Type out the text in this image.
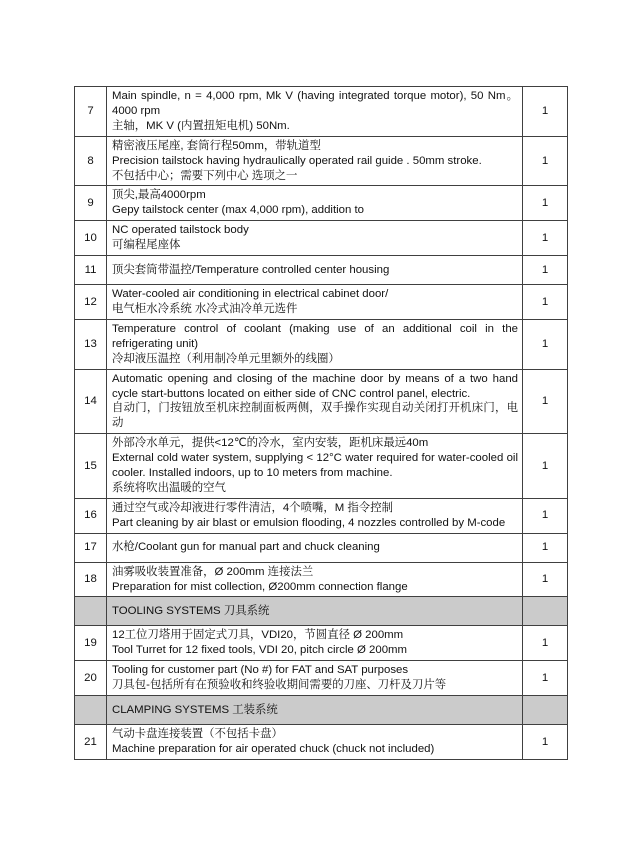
7	Main spindle, n = 4,000 rpm, Mk V (having integrated torque motor), 50 Nm。4000 rpm

主轴，MK V (内置扭矩电机) 50Nm.	1
8	精密液压尾座, 套筒行程50mm，带轨道型

Precision tailstock having hydraulically operated rail guide . 50mm stroke.

不包括中心；需要下列中心 选项之一	1
9	顶尖,最高4000rpm

Gepy tailstock center (max 4,000 rpm), addition to	1
10	NC operated tailstock body

可编程尾座体	1
11	顶尖套筒带温控/Temperature controlled center housing	1
12	Water-cooled air conditioning in electrical cabinet door/

电气柜水冷系统 水冷式油冷单元选件	1
13	Temperature control of coolant (making use of an additional coil in the refrigerating unit)

冷却液压温控（利用制冷单元里额外的线圈）	1
14	Automatic opening and closing of the machine door by means of a two hand cycle start-buttons located on either side of CNC control panel, electric.

自动门，门按钮放至机床控制面板两侧，双手操作实现自动关闭打开机床门，电动	1
15	外部冷水单元，提供<12℃的冷水，室内安装，距机床最远40m

External cold water system, supplying < 12°C water required for water-cooled oil cooler. Installed indoors, up to 10 meters from machine.

系统将吹出温暖的空气	1
16	通过空气或冷却液进行零件清洁，4个喷嘴，M 指令控制

Part cleaning by air blast or emulsion flooding, 4 nozzles controlled by M-code	1
17	水枪/Coolant gun for manual part and chuck cleaning	1
18	油雾吸收装置准备，Ø 200mm 连接法兰

Preparation for mist collection, Ø200mm connection flange	1
	TOOLING SYSTEMS 刀具系统	
19	12工位刀塔用于固定式刀具，VDI20，节圆直径 Ø 200mm

Tool Turret for 12 fixed tools, VDI 20, pitch circle Ø 200mm	1
20	Tooling for customer part (No #) for FAT and SAT purposes

刀具包-包括所有在预验收和终验收期间需要的刀座、刀杆及刀片等	1
	CLAMPING SYSTEMS 工装系统	
21	气动卡盘连接装置（不包括卡盘）

Machine preparation for air operated chuck (chuck not included)	1
